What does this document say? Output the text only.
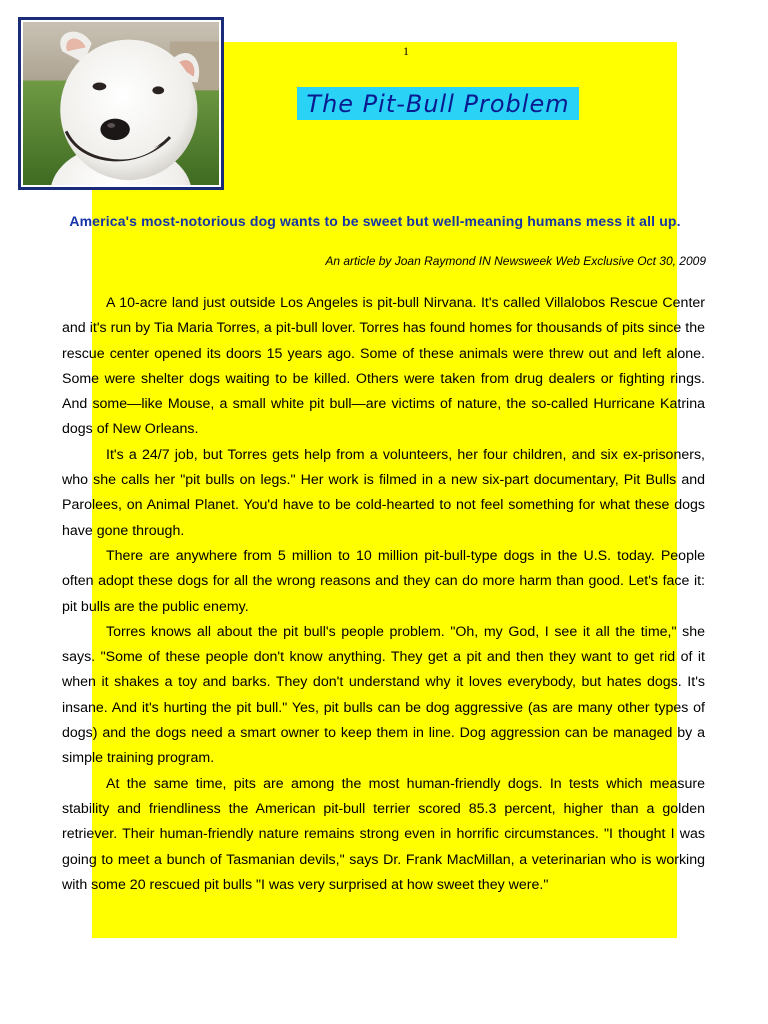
1
The Pit-Bull Problem
America's most-notorious dog wants to be sweet but well-meaning humans mess it all up.
An article by Joan Raymond IN Newsweek Web Exclusive Oct 30, 2009

A 10-acre land just outside Los Angeles is pit-bull Nirvana. It's called Villalobos Rescue Center and it's run by Tia Maria Torres, a pit-bull lover. Torres has found homes for thousands of pits since the rescue center opened its doors 15 years ago. Some of these animals were threw out and left alone. Some were shelter dogs waiting to be killed. Others were taken from drug dealers or fighting rings. And some—like Mouse, a small white pit bull—are victims of nature, the so-called Hurricane Katrina dogs of New Orleans.

It's a 24/7 job, but Torres gets help from a volunteers, her four children, and six ex-prisoners, who she calls her "pit bulls on legs." Her work is filmed in a new six-part documentary, Pit Bulls and Parolees, on Animal Planet. You'd have to be cold-hearted to not feel something for what these dogs have gone through.

There are anywhere from 5 million to 10 million pit-bull-type dogs in the U.S. today. People often adopt these dogs for all the wrong reasons and they can do more harm than good. Let's face it: pit bulls are the public enemy.

Torres knows all about the pit bull's people problem. "Oh, my God, I see it all the time," she says. "Some of these people don't know anything. They get a pit and then they want to get rid of it when it shakes a toy and barks. They don't understand why it loves everybody, but hates dogs. It's insane. And it's hurting the pit bull." Yes, pit bulls can be dog aggressive (as are many other types of dogs) and the dogs need a smart owner to keep them in line. Dog aggression can be managed by a simple training program.

At the same time, pits are among the most human-friendly dogs. In tests which measure stability and friendliness the American pit-bull terrier scored 85.3 percent, higher than a golden retriever. Their human-friendly nature remains strong even in horrific circumstances. "I thought I was going to meet a bunch of Tasmanian devils," says Dr. Frank MacMillan, a veterinarian who is working with some 20 rescued pit bulls "I was very surprised at how sweet they were."
